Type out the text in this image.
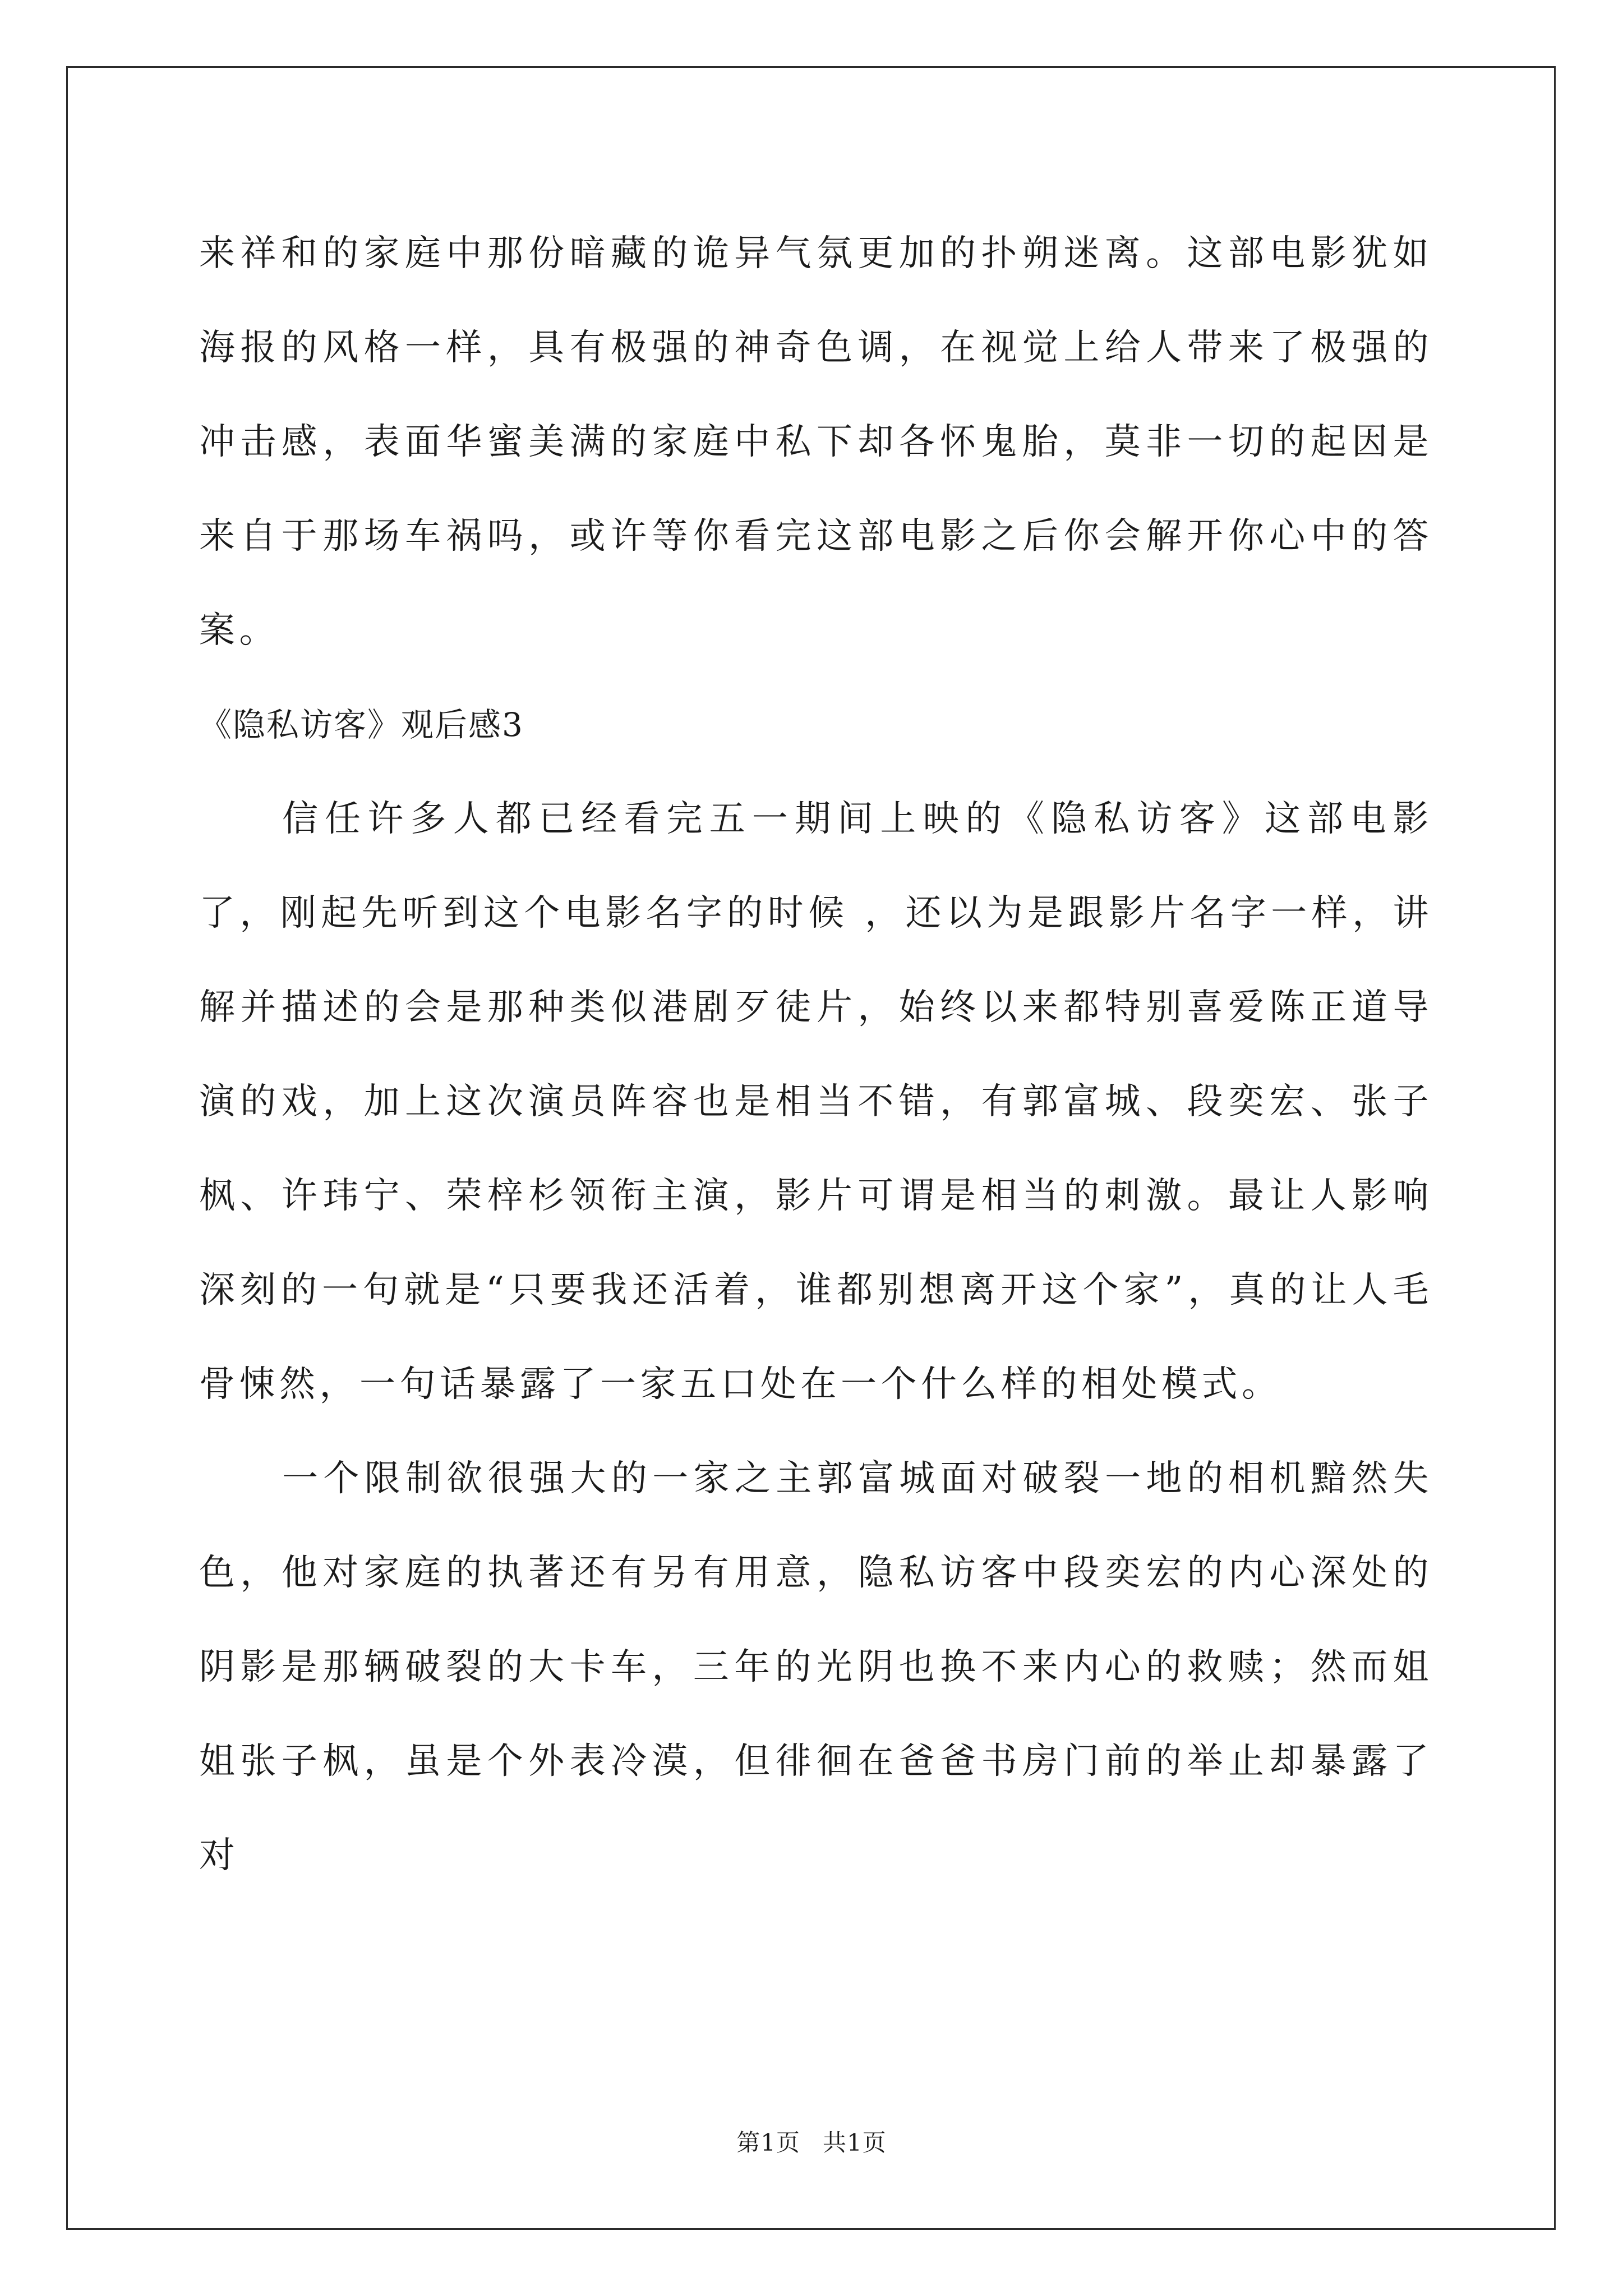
来祥和的家庭中那份暗藏的诡异气氛更加的扑朔迷离。这部电影犹如海报的风格一样，具有极强的神奇色调，在视觉上给人带来了极强的冲击感，表面华蜜美满的家庭中私下却各怀鬼胎，莫非一切的起因是来自于那场车祸吗，或许等你看完这部电影之后你会解开你心中的答案。

《隐私访客》观后感3

信任许多人都已经看完五一期间上映的《隐私访客》这部电影了，刚起先听到这个电影名字的时候 ，还以为是跟影片名字一样，讲解并描述的会是那种类似港剧歹徒片，始终以来都特别喜爱陈正道导演的戏，加上这次演员阵容也是相当不错，有郭富城、段奕宏、张子枫、许玮宁、荣梓杉领衔主演，影片可谓是相当的刺激。最让人影响深刻的一句就是“只要我还活着，谁都别想离开这个家”，真的让人毛骨悚然，一句话暴露了一家五口处在一个什么样的相处模式。

一个限制欲很强大的一家之主郭富城面对破裂一地的相机黯然失色，他对家庭的执著还有另有用意，隐私访客中段奕宏的内心深处的阴影是那辆破裂的大卡车，三年的光阴也换不来内心的救赎；然而姐姐张子枫，虽是个外表冷漠，但徘徊在爸爸书房门前的举止却暴露了对

第1页 共1页
